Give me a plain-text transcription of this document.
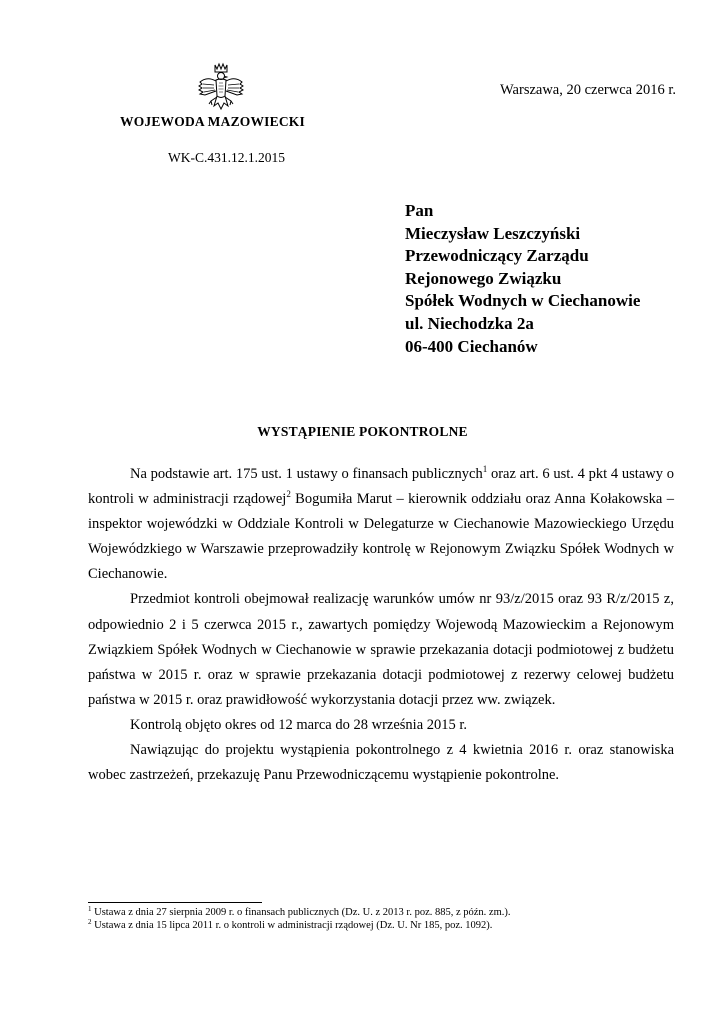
WOJEWODA MAZOWIECKI
Warszawa, 20 czerwca 2016 r.
WK-C.431.12.1.2015
Pan
Mieczysław Leszczyński
Przewodniczący Zarządu
Rejonowego Związku
Spółek Wodnych w Ciechanowie
ul. Niechodzka 2a
06-400 Ciechanów
WYSTĄPIENIE POKONTROLNE

Na podstawie art. 175 ust. 1 ustawy o finansach publicznych$^1$ oraz art. 6 ust. 4 pkt 4 ustawy o kontroli w administracji rządowej$^2$ Bogumiła Marut – kierownik oddziału oraz Anna Kołakowska – inspektor wojewódzki w Oddziale Kontroli w Delegaturze w Ciechanowie Mazowieckiego Urzędu Wojewódzkiego w Warszawie przeprowadziły kontrolę w Rejonowym Związku Spółek Wodnych w Ciechanowie.

Przedmiot kontroli obejmował realizację warunków umów nr 93/z/2015 oraz 93 R/z/2015 z, odpowiednio 2 i 5 czerwca 2015 r., zawartych pomiędzy Wojewodą Mazowieckim a Rejonowym Związkiem Spółek Wodnych w Ciechanowie w sprawie przekazania dotacji podmiotowej z budżetu państwa w 2015 r. oraz w sprawie przekazania dotacji podmiotowej z rezerwy celowej budżetu państwa w 2015 r. oraz prawidłowość wykorzystania dotacji przez ww. związek.

Kontrolą objęto okres od 12 marca do 28 września 2015 r.

Nawiązując do projektu wystąpienia pokontrolnego z 4 kwietnia 2016 r. oraz stanowiska wobec zastrzeżeń, przekazuję Panu Przewodniczącemu wystąpienie pokontrolne.

$^1$ Ustawa z dnia 27 sierpnia 2009 r. o finansach publicznych (Dz. U. z 2013 r. poz. 885, z późn. zm.).
$^2$ Ustawa z dnia 15 lipca 2011 r. o kontroli w administracji rządowej (Dz. U. Nr 185, poz. 1092).
